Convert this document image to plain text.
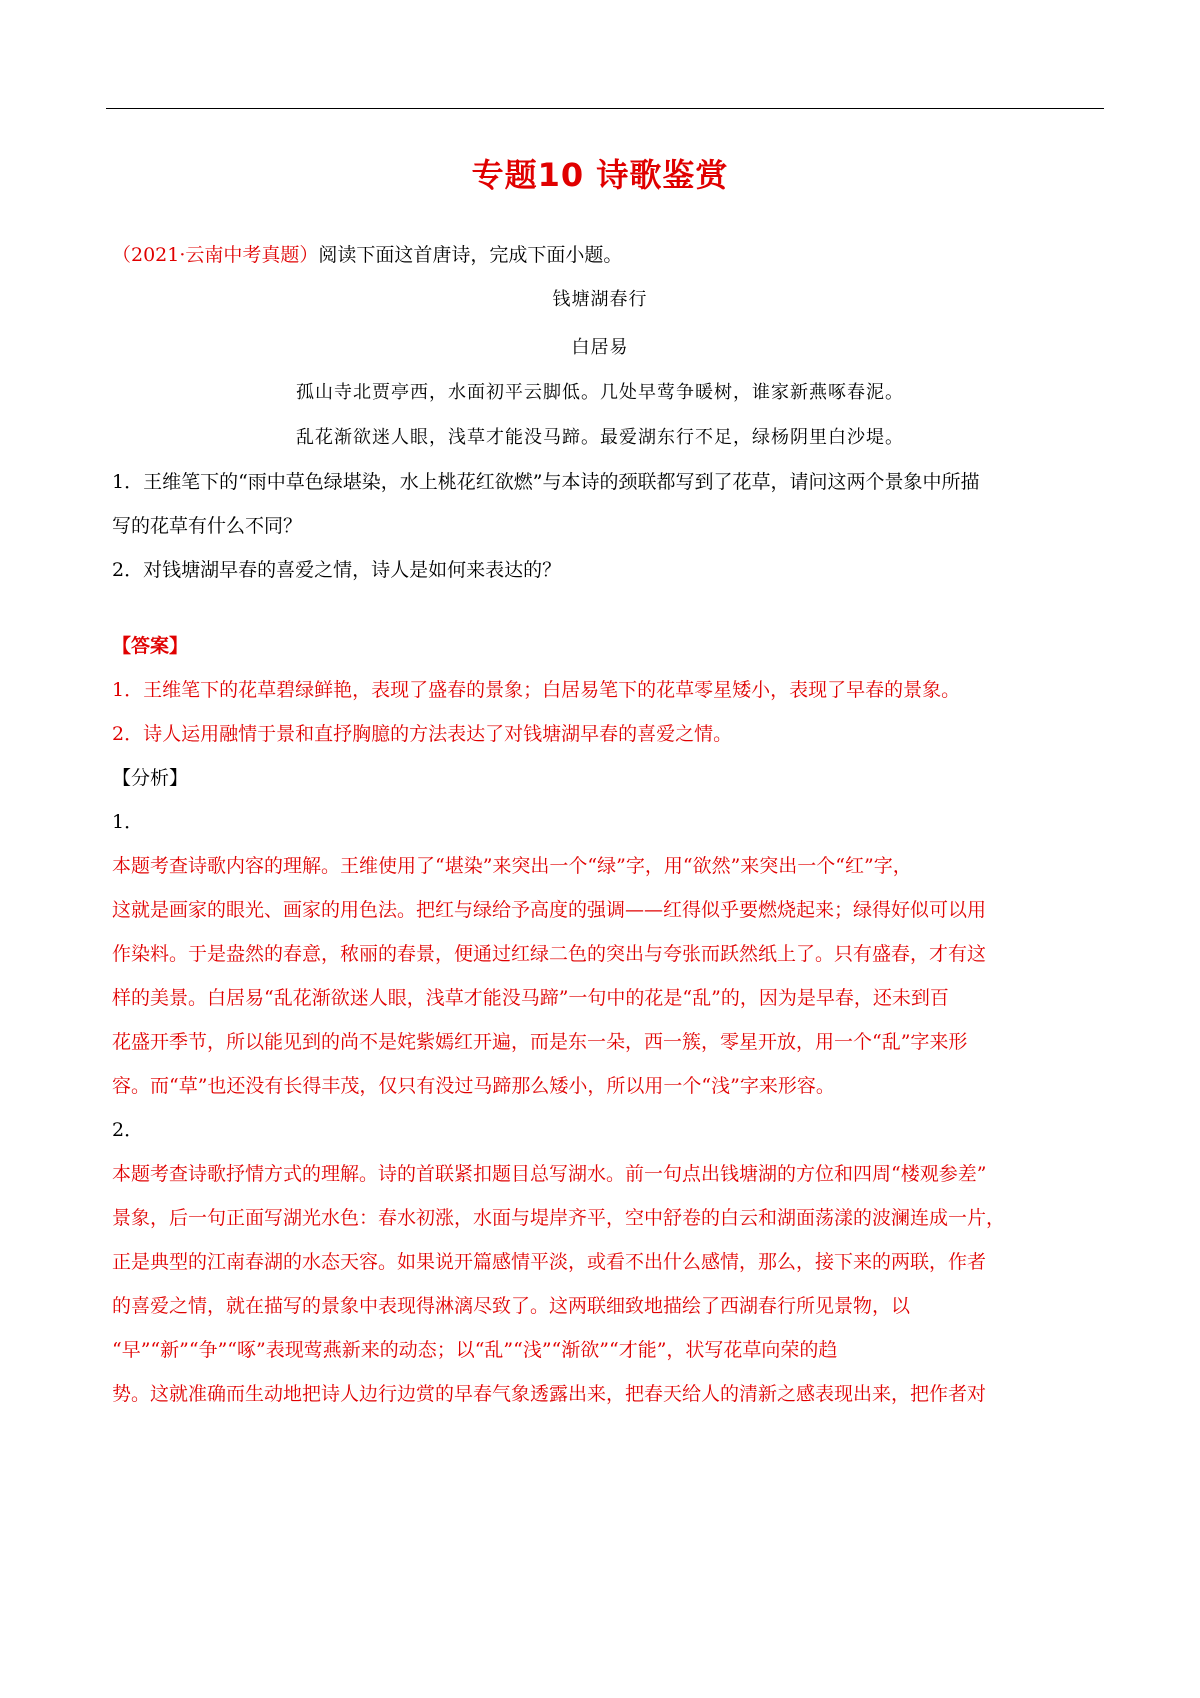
专题10 诗歌鉴赏
（2021·云南中考真题）阅读下面这首唐诗，完成下面小题。
钱塘湖春行
白居易
孤山寺北贾亭西，水面初平云脚低。几处早莺争暖树，谁家新燕啄春泥。
乱花渐欲迷人眼，浅草才能没马蹄。最爱湖东行不足，绿杨阴里白沙堤。
1．王维笔下的“雨中草色绿堪染，水上桃花红欲燃”与本诗的颈联都写到了花草，请问这两个景象中所描
写的花草有什么不同？
2．对钱塘湖早春的喜爱之情，诗人是如何来表达的？
【答案】
1．王维笔下的花草碧绿鲜艳，表现了盛春的景象；白居易笔下的花草零星矮小，表现了早春的景象。
2．诗人运用融情于景和直抒胸臆的方法表达了对钱塘湖早春的喜爱之情。
【分析】
1．
本题考查诗歌内容的理解。王维使用了“堪染”来突出一个“绿”字，用“欲然”来突出一个“红”字，
这就是画家的眼光、画家的用色法。把红与绿给予高度的强调——红得似乎要燃烧起来；绿得好似可以用
作染料。于是盎然的春意，秾丽的春景，便通过红绿二色的突出与夸张而跃然纸上了。只有盛春，才有这
样的美景。白居易“乱花渐欲迷人眼，浅草才能没马蹄”一句中的花是“乱”的，因为是早春，还未到百
花盛开季节，所以能见到的尚不是姹紫嫣红开遍，而是东一朵，西一簇，零星开放，用一个“乱”字来形
容。而“草”也还没有长得丰茂，仅只有没过马蹄那么矮小，所以用一个“浅”字来形容。
2．
本题考查诗歌抒情方式的理解。诗的首联紧扣题目总写湖水。前一句点出钱塘湖的方位和四周“楼观参差”
景象，后一句正面写湖光水色：春水初涨，水面与堤岸齐平，空中舒卷的白云和湖面荡漾的波澜连成一片，
正是典型的江南春湖的水态天容。如果说开篇感情平淡，或看不出什么感情，那么，接下来的两联，作者
的喜爱之情，就在描写的景象中表现得淋漓尽致了。这两联细致地描绘了西湖春行所见景物，以
“早”“新”“争”“啄”表现莺燕新来的动态；以“乱”“浅”“渐欲”“才能”，状写花草向荣的趋
势。这就准确而生动地把诗人边行边赏的早春气象透露出来，把春天给人的清新之感表现出来，把作者对
